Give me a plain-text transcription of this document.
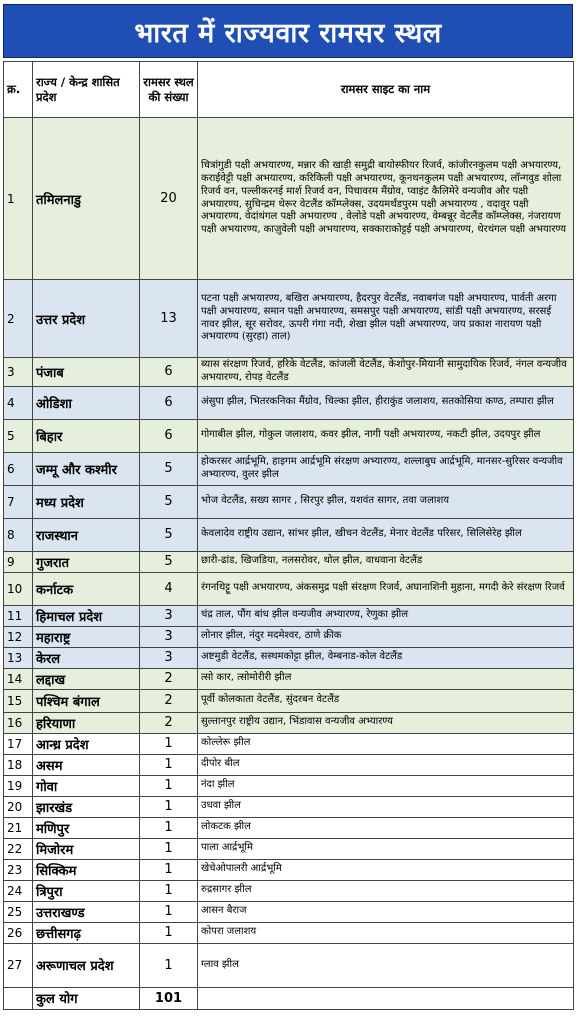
भारत में राज्यवार रामसर स्थल
क्र.	राज्य / केन्द्र शासित प्रदेश	रामसर स्थल की संख्या	रामसर साइट का नाम
1	तमिलनाडु	20	चित्रांगुडी पक्षी अभयारण्य, मन्नार की खाड़ी समुद्री बायोस्फीयर रिजर्व, कांजीरनकुलम पक्षी अभयारण्य, कराईवेट्टी पक्षी अभयारण्य, करिकिली पक्षी अभयारण्य, कूनथनकुलम पक्षी अभयारण्य, लॉन्गवुड शोला रिजर्व वन, पल्लीकरनई मार्श रिजर्व वन, पिचावरम मैंग्रोव, प्वाइंट कैलिमेरे वन्यजीव और पक्षी अभयारण्य, सुचिन्द्रम थेरूर वेटलैंड कॉम्प्लेक्स, उदयमर्थंडपुरम पक्षी अभयारण्य , वदावुर पक्षी अभयारण्य, वेदांथंगल पक्षी अभयारण्य , वेलोडे पक्षी अभयारण्य, वेम्बन्नूर वेटलैंड कॉम्प्लेक्स, नंजरायण पक्षी अभयारण्य, काज़ुवेली पक्षी अभयारण्य, सक्काराकोट्टई पक्षी अभयारण्य, थेरथंगल पक्षी अभयारण्य
2	उत्तर प्रदेश	13	पटना पक्षी अभयारण्य, बखिरा अभयारण्य, हैदरपुर वेटलैंड, नवाबगंज पक्षी अभयारण्य, पार्वती अरगा पक्षी अभयारण्य, समान पक्षी अभयारण्य, समसपुर पक्षी अभयारण्य, सांडी पक्षी अभयारण्य, सरसई नावर झील, सूर सरोवर, ऊपरी गंगा नदी, शेखा झील पक्षी अभयारण्य, जय प्रकाश नारायण पक्षी अभयारण्य (सुरहा) ताल)
3	पंजाब	6	ब्यास संरक्षण रिजर्व, हरिके वेटलैंड, कांजली वेटलैंड, केशोपुर-मियानी सामुदायिक रिजर्व, नंगल वन्यजीव अभयारण्य, रोपड़ वेटलैंड
4	ओडिशा	6	अंसुपा झील, भितरकनिका मैंग्रोव, चिल्का झील, हीराकुंड जलाशय, सतकोसिया कण्ठ, तम्पारा झील
5	बिहार	6	गोगाबील झील, गोकुल जलाशय, कवर झील, नागी पक्षी अभयारण्य, नकटी झील, उदयपुर झील
6	जम्मू और कश्मीर	5	होकरसर आर्द्रभूमि, हाइगम आर्द्रभूमि संरक्षण अभ्यारण्य, शल्लाबुघ आर्द्रभूमि, मानसर-सुरिसर वन्यजीव अभ्यारण्य, वुलर झील
7	मध्य प्रदेश	5	भोज वेटलैंड, सख्य सागर , सिरपुर झील, यशवंत सागर, तवा जलाशय
8	राजस्थान	5	केवलादेव राष्ट्रीय उद्यान, सांभर झील, खीचन वेटलैंड, मेनार वेटलैंड परिसर, सिलिसेरेह झील
9	गुजरात	5	छारी-ढांड, खिजडिया, नलसरोवर, थोल झील, वाधवाना वेटलैंड
10	कर्नाटक	4	रंगनथिट्टू पक्षी अभयारण्य, अंकसमुद्र पक्षी संरक्षण रिजर्व, अघानाशिनी मुहाना, मगदी केरे संरक्षण रिजर्व
11	हिमाचल प्रदेश	3	चंद्र ताल, पौंग बांध झील वन्यजीव अभ्यारण्य, रेणुका झील
12	महाराष्ट्र	3	लोनार झील, नंदुर मदमेश्वर, ठाणे क्रीक
13	केरल	3	अष्टमुडी वेटलैंड, सस्थमकोट्टा झील, वेम्बनाड-कोल वेटलैंड
14	लद्दाख	2	त्सो कार, त्सोमोरीरी झील
15	पश्चिम बंगाल	2	पूर्वी कोलकाता वेटलैंड, सुंदरबन वेटलैंड
16	हरियाणा	2	सुल्तानपुर राष्ट्रीय उद्यान, भिंडावास वन्यजीव अभ्यारण्य
17	आन्ध्र प्रदेश	1	कोल्लेरू झील
18	असम	1	दीपोर बील
19	गोवा	1	नंदा झील
20	झारखंड	1	उधवा झील
21	मणिपुर	1	लोकटक झील
22	मिजोरम	1	पाला आर्द्रभूमि
23	सिक्किम	1	खेचेओपालरी आर्द्रभूमि
24	त्रिपुरा	1	रुद्रसागर झील
25	उत्तराखण्ड	1	आसन बैराज
26	छत्तीसगढ़	1	कोपरा जलाशय
27	अरूणाचल प्रदेश	1	ग्लाव झील
	कुल योग	101	
